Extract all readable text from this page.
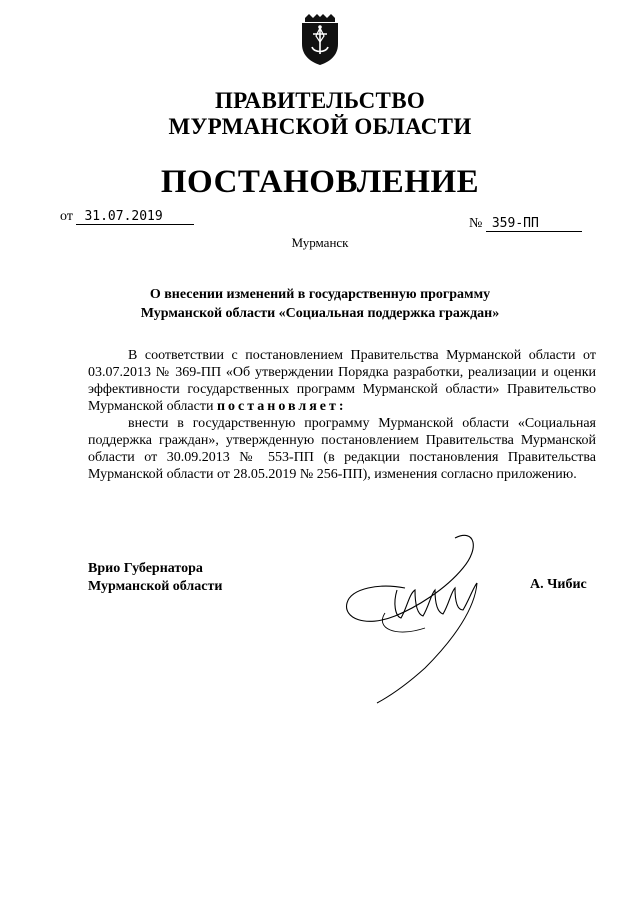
ПРАВИТЕЛЬСТВО
МУРМАНСКОЙ ОБЛАСТИ
ПОСТАНОВЛЕНИЕ
от 31.07.2019	№ 359-ПП
Мурманск
О внесении изменений в государственную программу
Мурманской области «Социальная поддержка граждан»

В соответствии с постановлением Правительства Мурманской области от 03.07.2013 № 369-ПП «Об утверждении Порядка разработки, реализации и оценки эффективности государственных программ Мурманской области» Правительство Мурманской области постановляет:

внести в государственную программу Мурманской области «Социальная поддержка граждан», утвержденную постановлением Правительства Мурманской области от 30.09.2013 № 553-ПП (в редакции постановления Правительства Мурманской области от 28.05.2019 № 256-ПП), изменения согласно приложению.

Врио Губернатора
Мурманской области	А. Чибис
